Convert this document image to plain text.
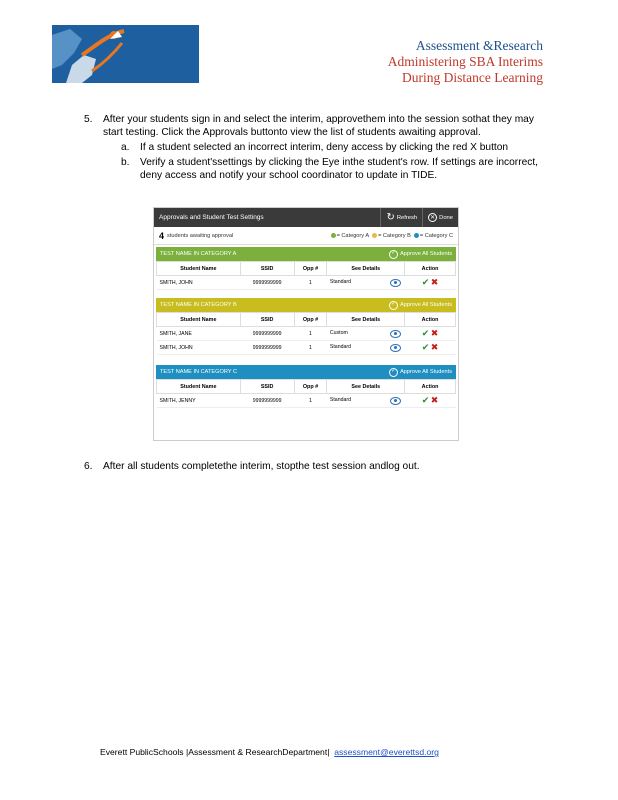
Assessment &Research
Administering SBA Interims
During Distance Learning
5.	After your students sign in and select the interim, approvethem into the session sothat they may start testing. Click the Approvals buttonto view the list of students awaiting approval.
a.	If a student selected an incorrect interim, deny access by clicking the red X button
b.	Verify a student'ssettings by clicking the Eye inthe student's row. If settings are incorrect, deny access and notify your school coordinator to update in TIDE.
Approvals and Student Test Settings	↻ Refresh	✕ Done
4 students awaiting approval	= Category A	= Category B	= Category C
TEST NAME IN CATEGORY A	✓ Approve All Students
Student Name	SSID	Opp #	See Details	Action
SMITH, JOHN	9999999999	1	Standard	✔ ✖
TEST NAME IN CATEGORY B	✓ Approve All Students
Student Name	SSID	Opp #	See Details	Action
SMITH, JANE	9999999999	1	Custom	✔ ✖
SMITH, JOHN	9999999999	1	Standard	✔ ✖
TEST NAME IN CATEGORY C	✓ Approve All Students
Student Name	SSID	Opp #	See Details	Action
SMITH, JENNY	9999999999	1	Standard	✔ ✖
6.	After all students completethe interim, stopthe test session andlog out.
Everett PublicSchools |Assessment & ResearchDepartment| assessment@everettsd.org
